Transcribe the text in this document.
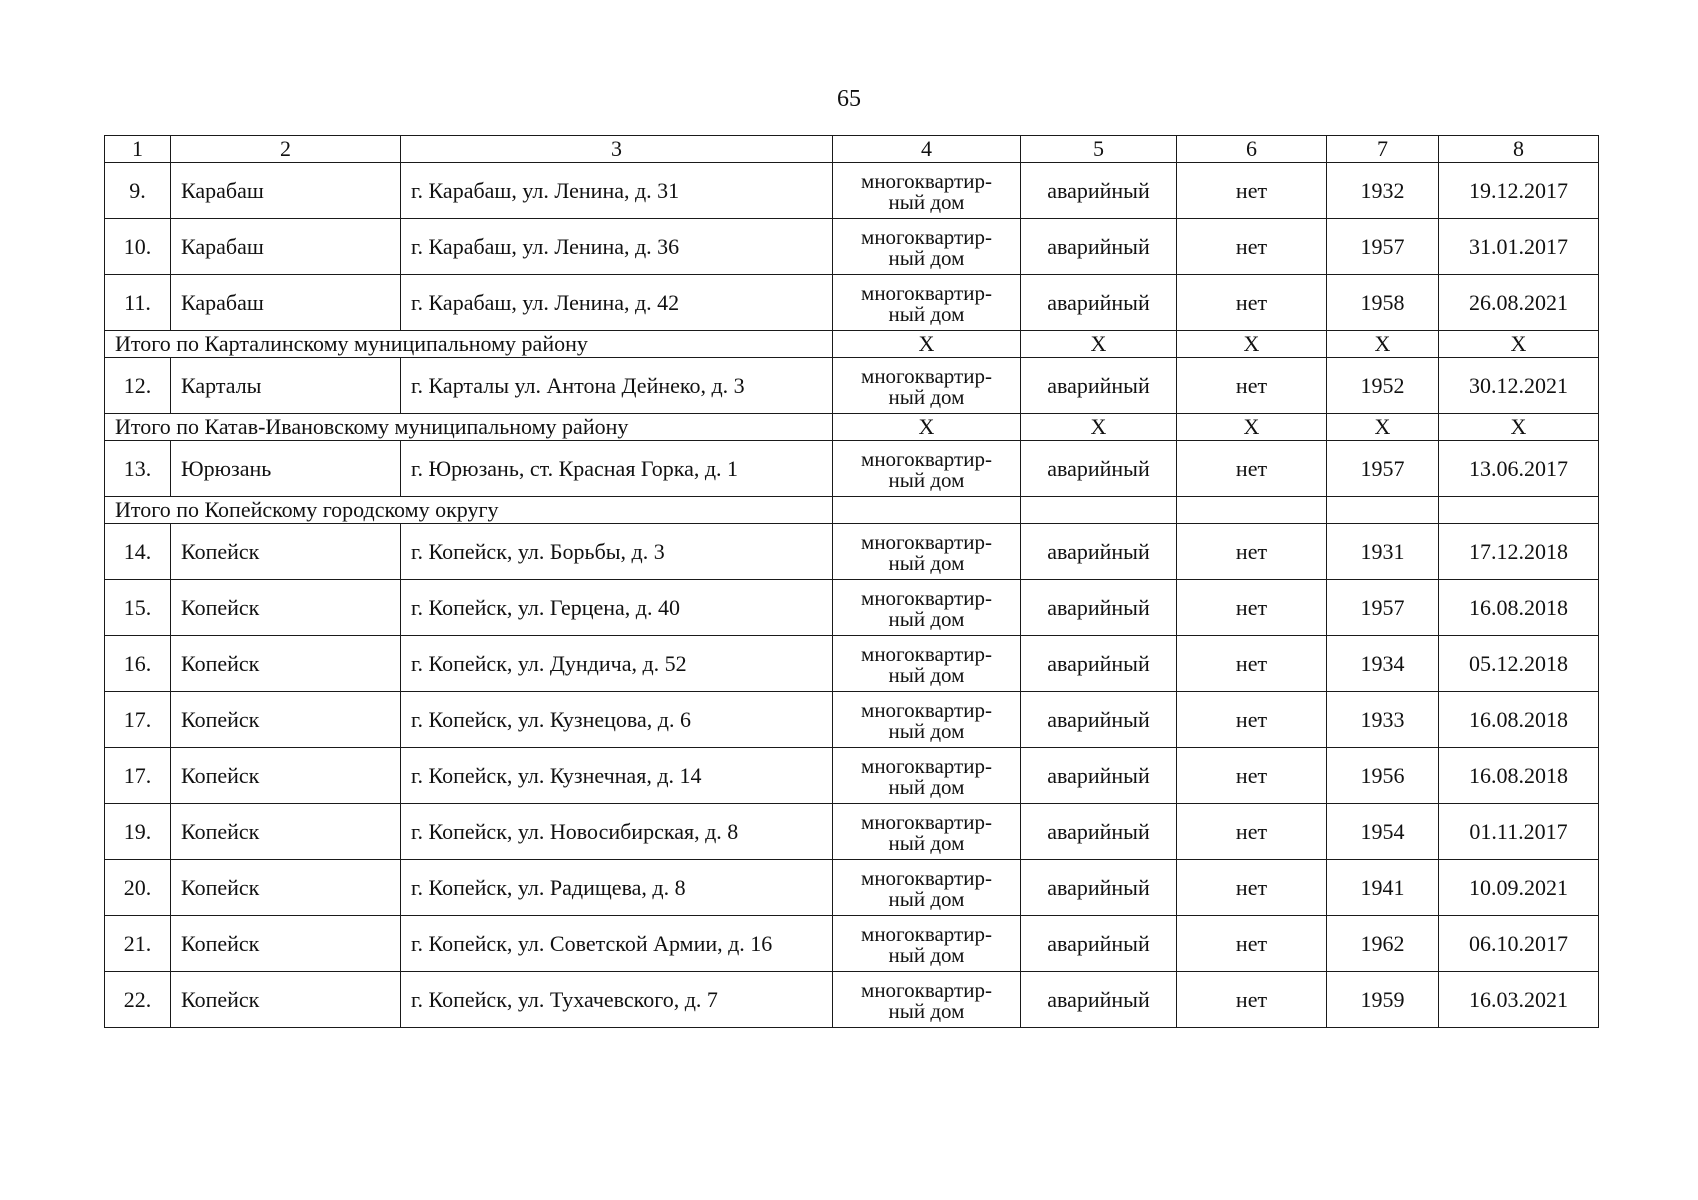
65
1	2	3	4	5	6	7	8
9.	Карабаш	г. Карабаш, ул. Ленина, д. 31	многоквартир-
ный дом	аварийный	нет	1932	19.12.2017
10.	Карабаш	г. Карабаш, ул. Ленина, д. 36	многоквартир-
ный дом	аварийный	нет	1957	31.01.2017
11.	Карабаш	г. Карабаш, ул. Ленина, д. 42	многоквартир-
ный дом	аварийный	нет	1958	26.08.2021
Итого по Карталинскому муниципальному району			X	X	X	X	X
12.	Карталы	г. Карталы ул. Антона Дейнеко, д. 3	многоквартир-
ный дом	аварийный	нет	1952	30.12.2021
Итого по Катав-Ивановскому муниципальному району			X	X	X	X	X
13.	Юрюзань	г. Юрюзань, ст. Красная Горка, д. 1	многоквартир-
ный дом	аварийный	нет	1957	13.06.2017
Итого по Копейскому городскому округу							
14.	Копейск	г. Копейск, ул. Борьбы, д. 3	многоквартир-
ный дом	аварийный	нет	1931	17.12.2018
15.	Копейск	г. Копейск, ул. Герцена, д. 40	многоквартир-
ный дом	аварийный	нет	1957	16.08.2018
16.	Копейск	г. Копейск, ул. Дундича, д. 52	многоквартир-
ный дом	аварийный	нет	1934	05.12.2018
17.	Копейск	г. Копейск, ул. Кузнецова, д. 6	многоквартир-
ный дом	аварийный	нет	1933	16.08.2018
17.	Копейск	г. Копейск, ул. Кузнечная, д. 14	многоквартир-
ный дом	аварийный	нет	1956	16.08.2018
19.	Копейск	г. Копейск, ул. Новосибирская, д. 8	многоквартир-
ный дом	аварийный	нет	1954	01.11.2017
20.	Копейск	г. Копейск, ул. Радищева, д. 8	многоквартир-
ный дом	аварийный	нет	1941	10.09.2021
21.	Копейск	г. Копейск, ул. Советской Армии, д. 16	многоквартир-
ный дом	аварийный	нет	1962	06.10.2017
22.	Копейск	г. Копейск, ул. Тухачевского, д. 7	многоквартир-
ный дом	аварийный	нет	1959	16.03.2021
